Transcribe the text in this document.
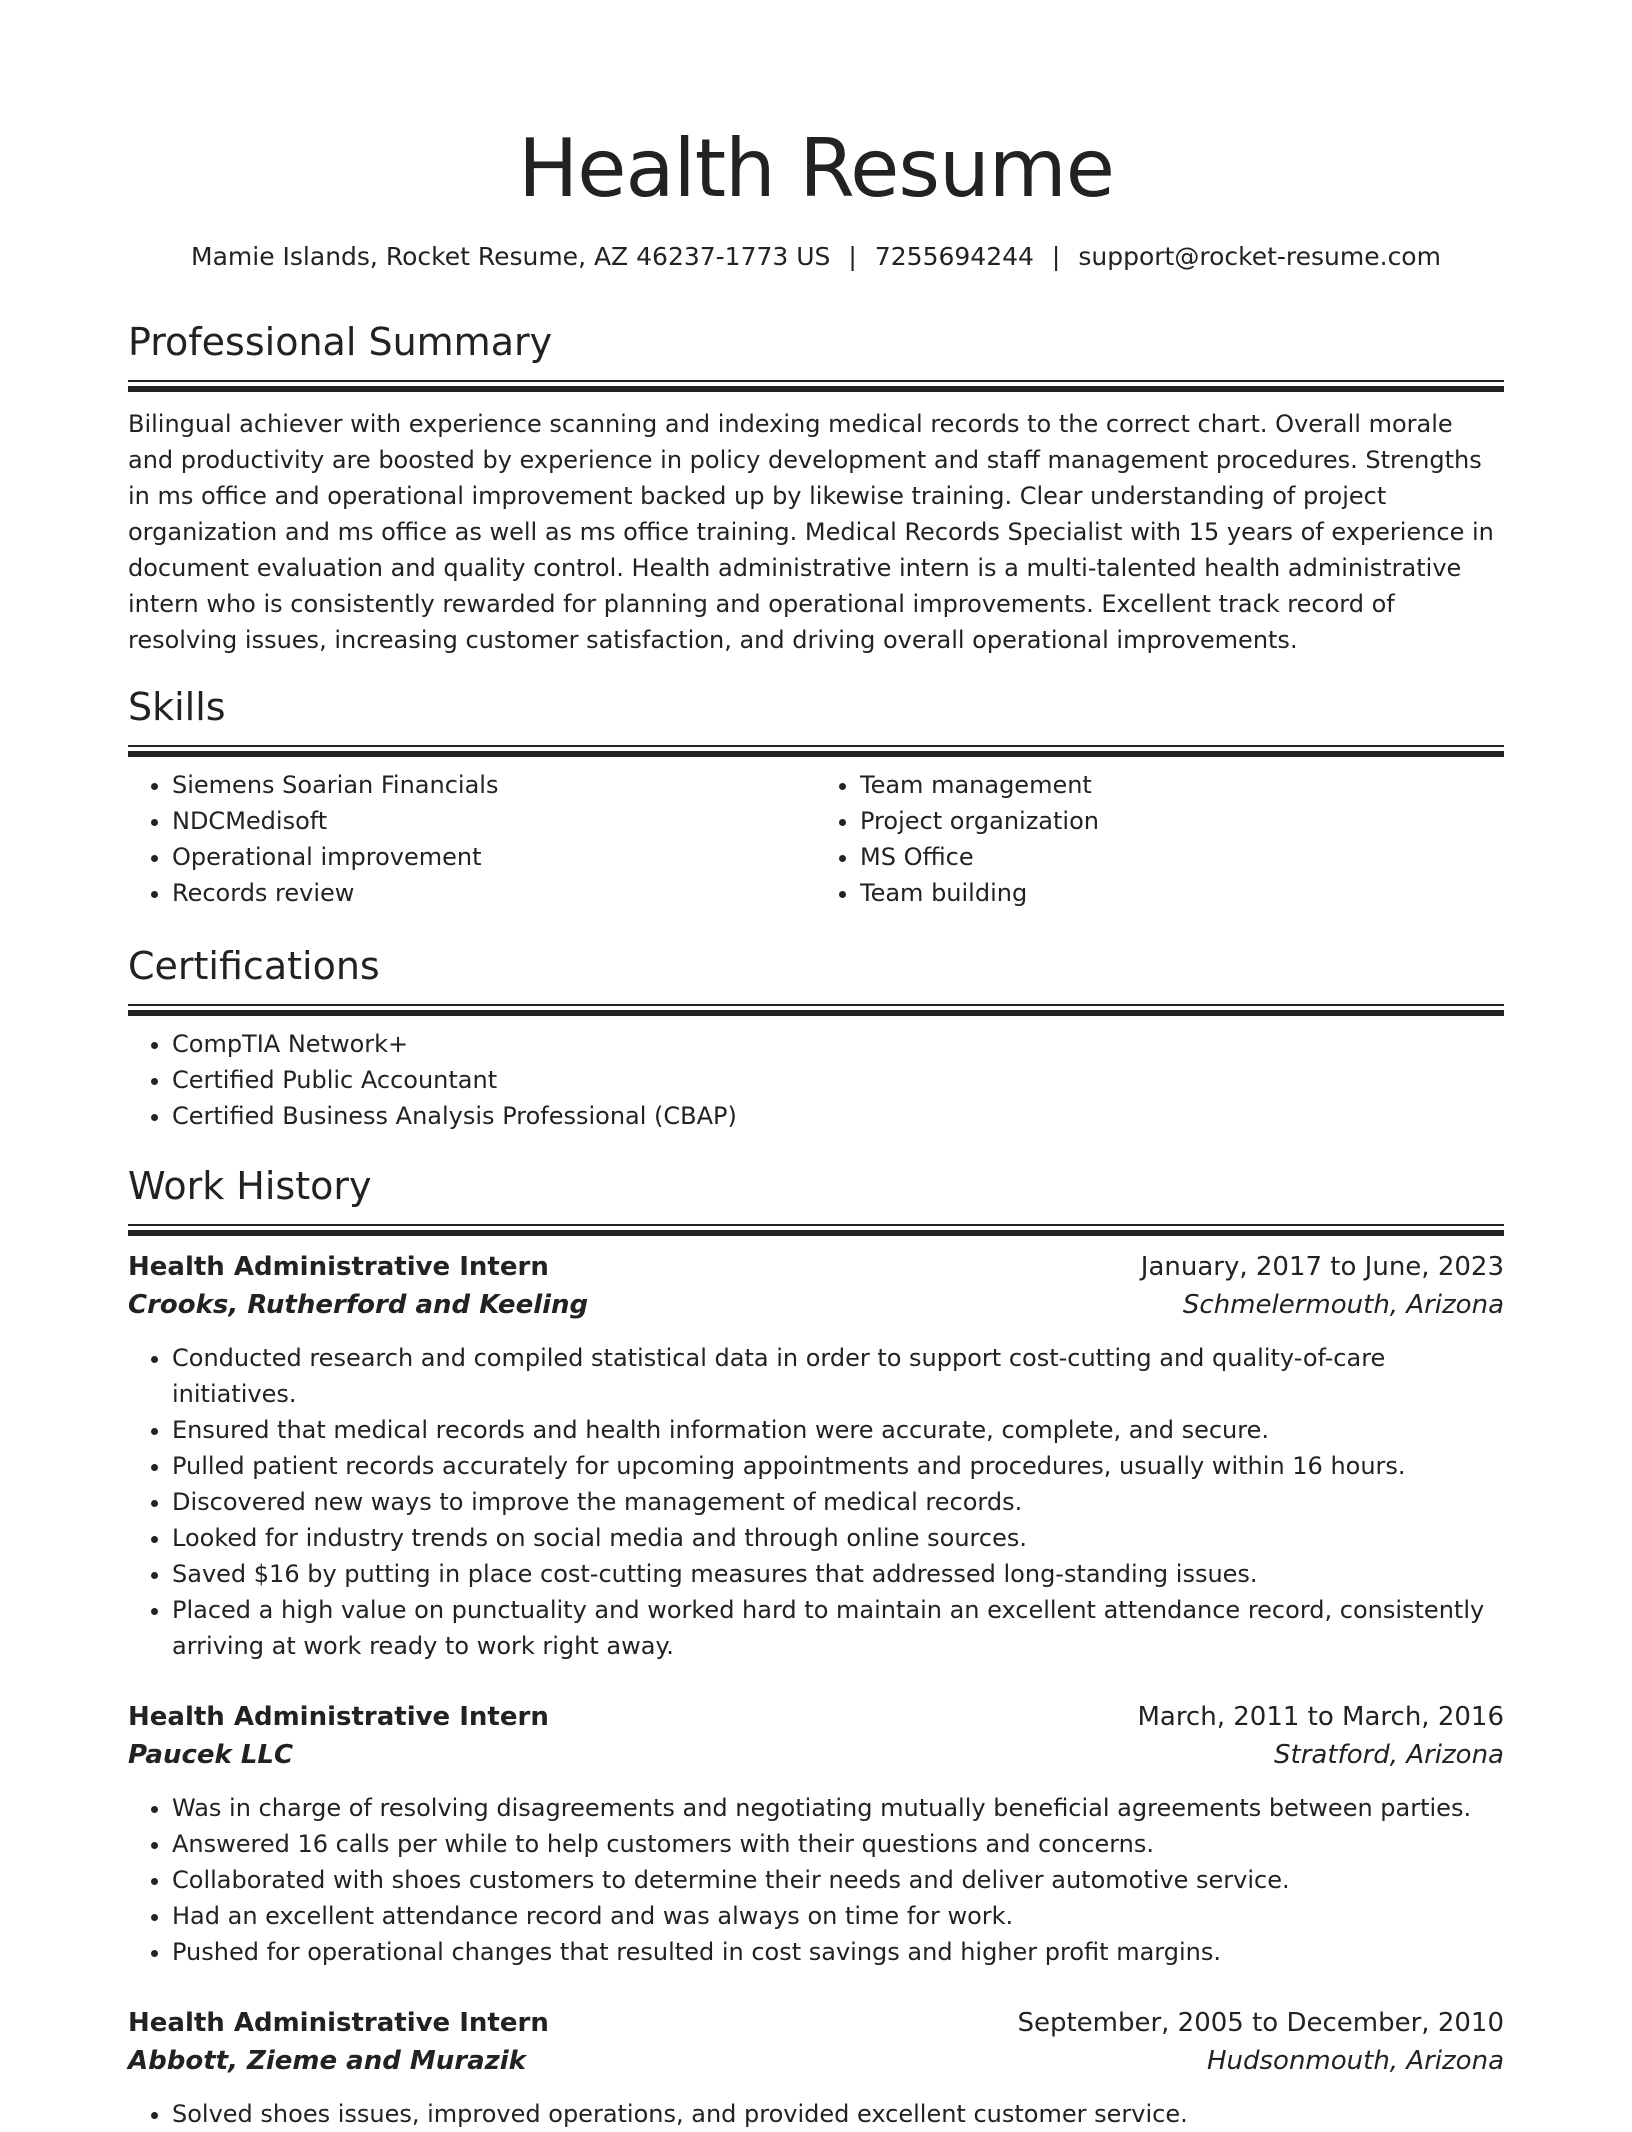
Health Resume
Mamie Islands, Rocket Resume, AZ 46237-1773 US | 7255694244 | support@rocket-resume.com
Professional Summary

Bilingual achiever with experience scanning and indexing medical records to the correct chart. Overall morale and productivity are boosted by experience in policy development and staff management procedures. Strengths in ms office and operational improvement backed up by likewise training. Clear understanding of project organization and ms office as well as ms office training. Medical Records Specialist with 15 years of experience in document evaluation and quality control. Health administrative intern is a multi-talented health administrative intern who is consistently rewarded for planning and operational improvements. Excellent track record of resolving issues, increasing customer satisfaction, and driving overall operational improvements.

Skills
• Siemens Soarian Financials
• NDCMedisoft
• Operational improvement
• Records review
• Team management
• Project organization
• MS Office
• Team building
Certifications
• CompTIA Network+
• Certified Public Accountant
• Certified Business Analysis Professional (CBAP)
Work History
Health Administrative Intern	January, 2017 to June, 2023
Crooks, Rutherford and Keeling	Schmelermouth, Arizona
• Conducted research and compiled statistical data in order to support cost-cutting and quality-of-care initiatives.
• Ensured that medical records and health information were accurate, complete, and secure.
• Pulled patient records accurately for upcoming appointments and procedures, usually within 16 hours.
• Discovered new ways to improve the management of medical records.
• Looked for industry trends on social media and through online sources.
• Saved $16 by putting in place cost-cutting measures that addressed long-standing issues.
• Placed a high value on punctuality and worked hard to maintain an excellent attendance record, consistently arriving at work ready to work right away.
Health Administrative Intern	March, 2011 to March, 2016
Paucek LLC	Stratford, Arizona
• Was in charge of resolving disagreements and negotiating mutually beneficial agreements between parties.
• Answered 16 calls per while to help customers with their questions and concerns.
• Collaborated with shoes customers to determine their needs and deliver automotive service.
• Had an excellent attendance record and was always on time for work.
• Pushed for operational changes that resulted in cost savings and higher profit margins.
Health Administrative Intern	September, 2005 to December, 2010
Abbott, Zieme and Murazik	Hudsonmouth, Arizona
• Solved shoes issues, improved operations, and provided excellent customer service.
